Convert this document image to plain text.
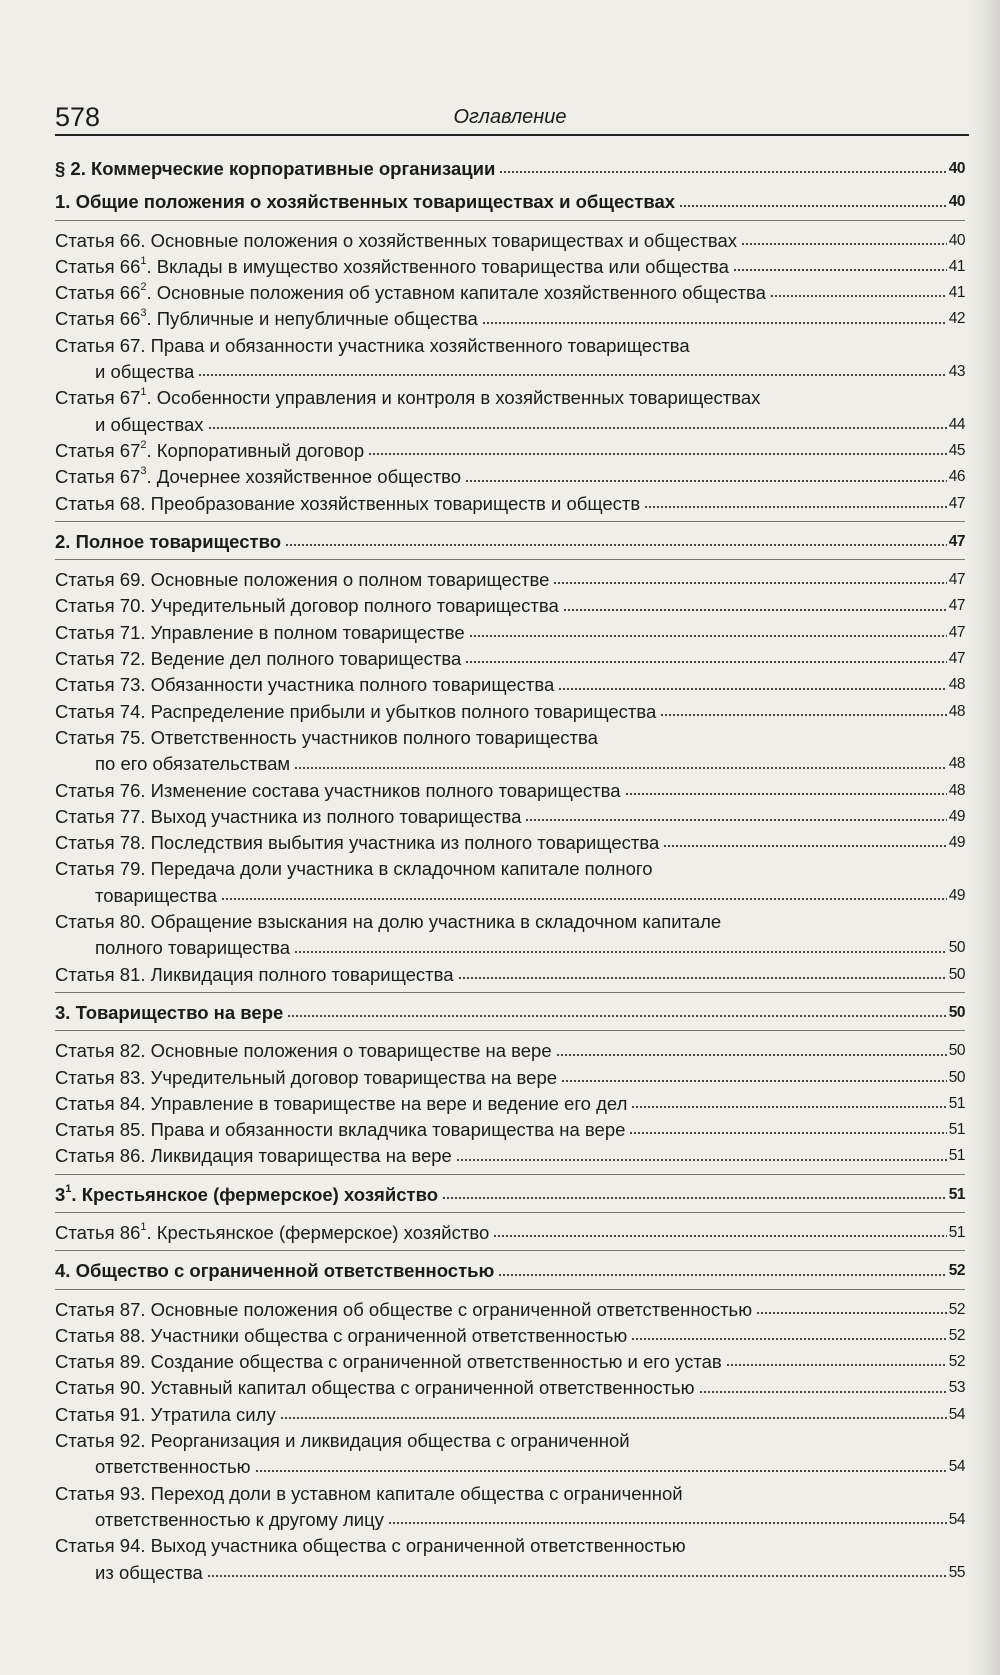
578	Оглавление
§ 2. Коммерческие корпоративные организации	40
1. Общие положения о хозяйственных товариществах и обществах	40
Статья 66. Основные положения о хозяйственных товариществах и обществах	40
Статья $66^1$. Вклады в имущество хозяйственного товарищества или общества	41
Статья $66^2$. Основные положения об уставном капитале хозяйственного общества	41
Статья $66^3$. Публичные и непубличные общества	42
Статья 67. Права и обязанности участника хозяйственного товарищества
и общества	43
Статья $67^1$. Особенности управления и контроля в хозяйственных товариществах
и обществах	44
Статья $67^2$. Корпоративный договор	45
Статья $67^3$. Дочернее хозяйственное общество	46
Статья 68. Преобразование хозяйственных товариществ и обществ	47
2. Полное товарищество	47
Статья 69. Основные положения о полном товариществе	47
Статья 70. Учредительный договор полного товарищества	47
Статья 71. Управление в полном товариществе	47
Статья 72. Ведение дел полного товарищества	47
Статья 73. Обязанности участника полного товарищества	48
Статья 74. Распределение прибыли и убытков полного товарищества	48
Статья 75. Ответственность участников полного товарищества
по его обязательствам	48
Статья 76. Изменение состава участников полного товарищества	48
Статья 77. Выход участника из полного товарищества	49
Статья 78. Последствия выбытия участника из полного товарищества	49
Статья 79. Передача доли участника в складочном капитале полного
товарищества	49
Статья 80. Обращение взыскания на долю участника в складочном капитале
полного товарищества	50
Статья 81. Ликвидация полного товарищества	50
3. Товарищество на вере	50
Статья 82. Основные положения о товариществе на вере	50
Статья 83. Учредительный договор товарищества на вере	50
Статья 84. Управление в товариществе на вере и ведение его дел	51
Статья 85. Права и обязанности вкладчика товарищества на вере	51
Статья 86. Ликвидация товарищества на вере	51
$3^1$. Крестьянское (фермерское) хозяйство	51
Статья $86^1$. Крестьянское (фермерское) хозяйство	51
4. Общество с ограниченной ответственностью	52
Статья 87. Основные положения об обществе с ограниченной ответственностью	52
Статья 88. Участники общества с ограниченной ответственностью	52
Статья 89. Создание общества с ограниченной ответственностью и его устав	52
Статья 90. Уставный капитал общества с ограниченной ответственностью	53
Статья 91. Утратила силу	54
Статья 92. Реорганизация и ликвидация общества с ограниченной
ответственностью	54
Статья 93. Переход доли в уставном капитале общества с ограниченной
ответственностью к другому лицу	54
Статья 94. Выход участника общества с ограниченной ответственностью
из общества	55
